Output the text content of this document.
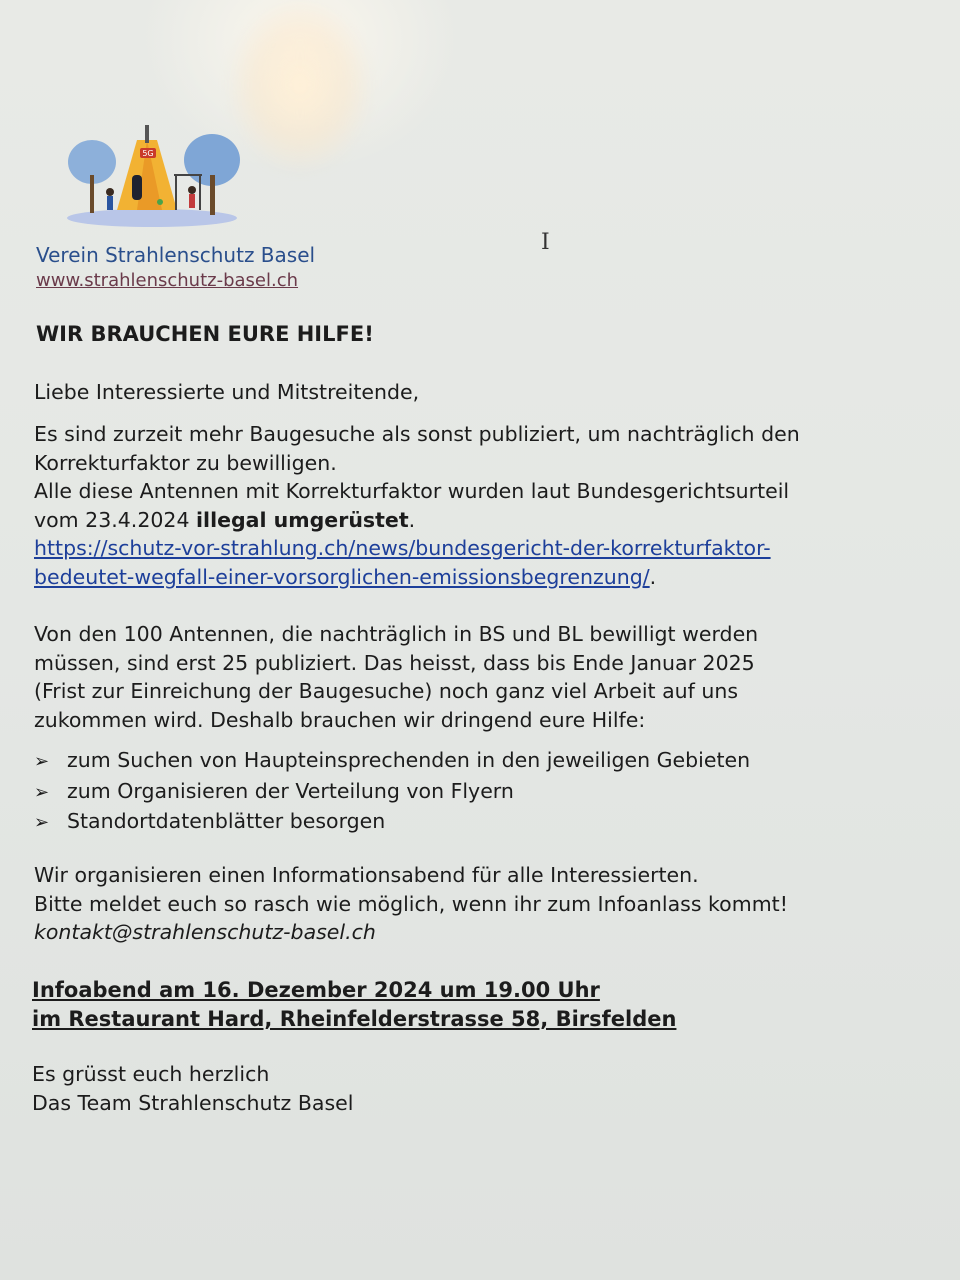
5G
Verein Strahlenschutz Basel
www.strahlenschutz-basel.ch
I
WIR BRAUCHEN EURE HILFE!
Liebe Interessierte und Mitstreitende,
Es sind zurzeit mehr Baugesuche als sonst publiziert, um nachträglich den
Korrekturfaktor zu bewilligen.
Alle diese Antennen mit Korrekturfaktor wurden laut Bundesgerichtsurteil
vom 23.4.2024 illegal umgerüstet.
https://schutz-vor-strahlung.ch/news/bundesgericht-der-korrekturfaktor-
bedeutet-wegfall-einer-vorsorglichen-emissionsbegrenzung/.
Von den 100 Antennen, die nachträglich in BS und BL bewilligt werden
müssen, sind erst 25 publiziert. Das heisst, dass bis Ende Januar 2025
(Frist zur Einreichung der Baugesuche) noch ganz viel Arbeit auf uns
zukommen wird. Deshalb brauchen wir dringend eure Hilfe:
➢ zum Suchen von Haupteinsprechenden in den jeweiligen Gebieten
➢ zum Organisieren der Verteilung von Flyern
➢ Standortdatenblätter besorgen
Wir organisieren einen Informationsabend für alle Interessierten.
Bitte meldet euch so rasch wie möglich, wenn ihr zum Infoanlass kommt!
kontakt@strahlenschutz-basel.ch
Infoabend am 16. Dezember 2024 um 19.00 Uhr
im Restaurant Hard, Rheinfelderstrasse 58, Birsfelden
Es grüsst euch herzlich
Das Team Strahlenschutz Basel
